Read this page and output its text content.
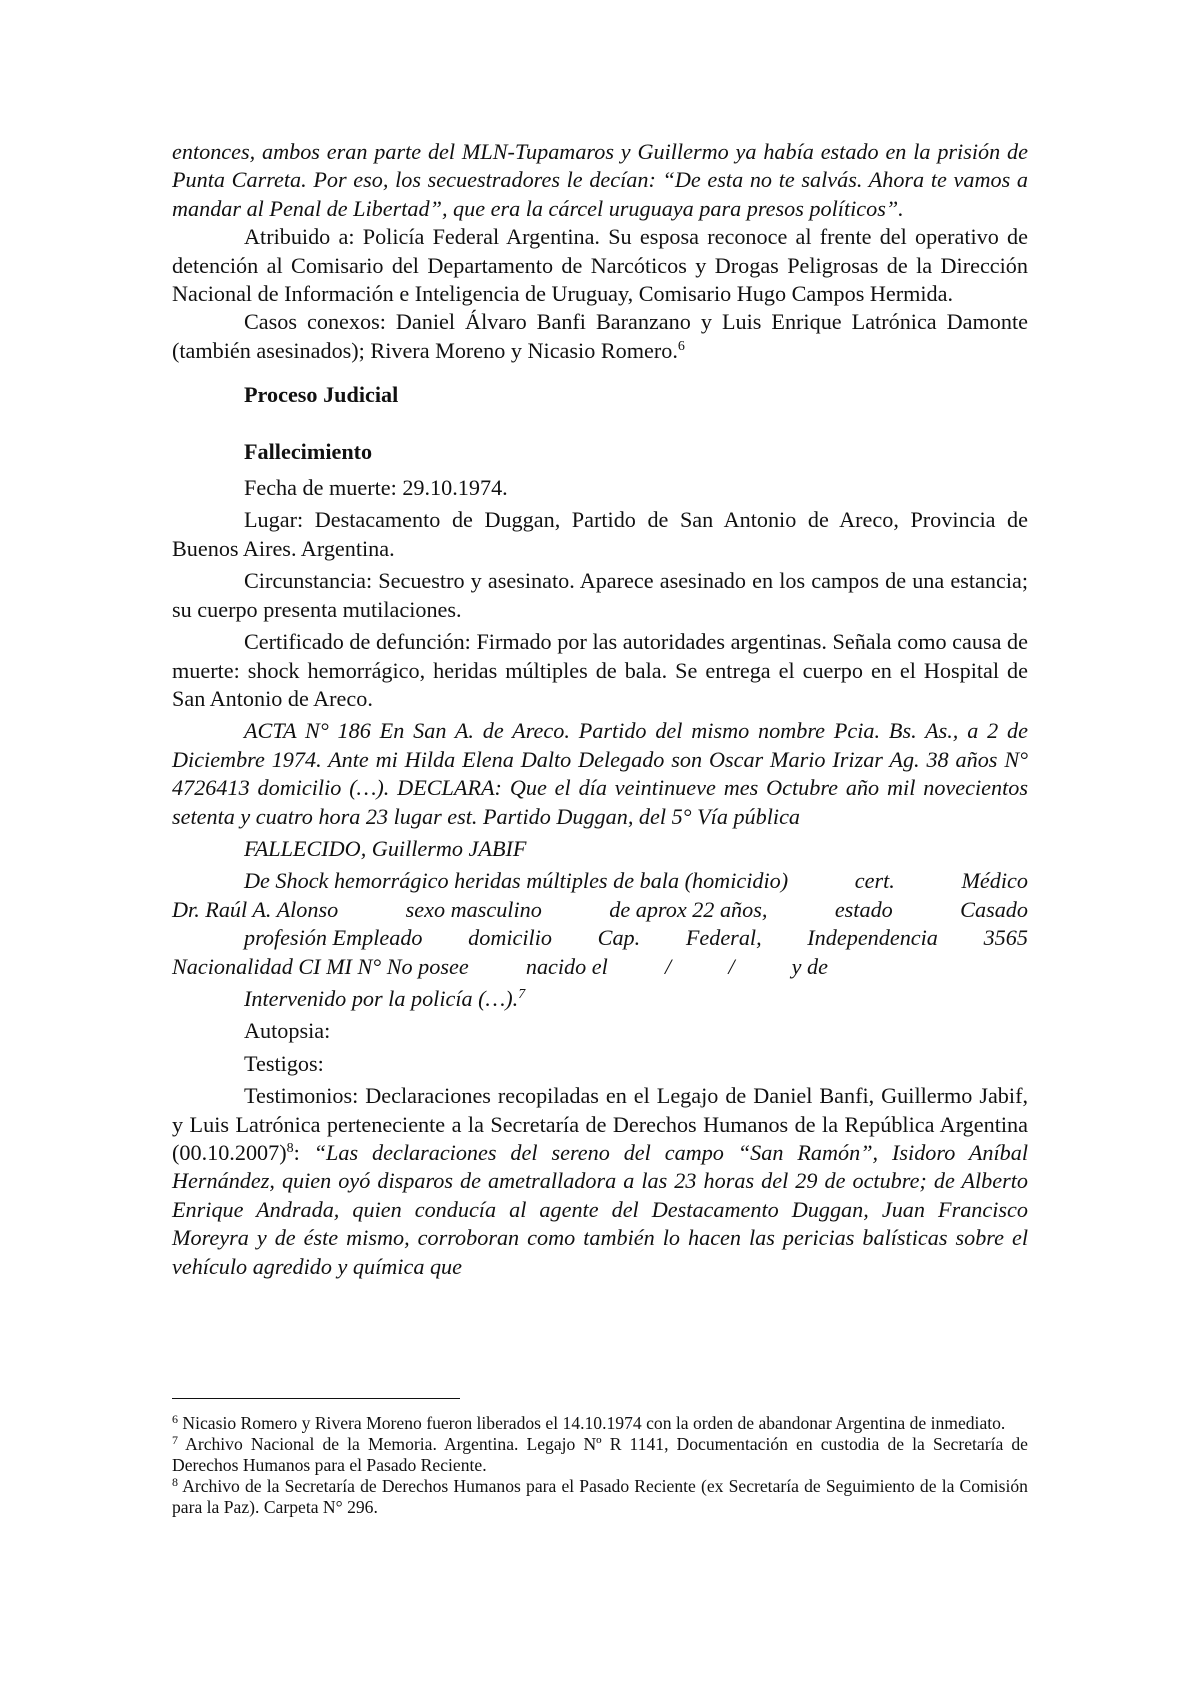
entonces, ambos eran parte del MLN-Tupamaros y Guillermo ya había estado en la prisión de Punta Carreta. Por eso, los secuestradores le decían: “De esta no te salvás. Ahora te vamos a mandar al Penal de Libertad”, que era la cárcel uruguaya para presos políticos”.

Atribuido a: Policía Federal Argentina. Su esposa reconoce al frente del operativo de detención al Comisario del Departamento de Narcóticos y Drogas Peligrosas de la Dirección Nacional de Información e Inteligencia de Uruguay, Comisario Hugo Campos Hermida.

Casos conexos: Daniel Álvaro Banfi Baranzano y Luis Enrique Latrónica Damonte (también asesinados); Rivera Moreno y Nicasio Romero.$^6$

Proceso Judicial

Fallecimiento

Fecha de muerte: 29.10.1974.

Lugar: Destacamento de Duggan, Partido de San Antonio de Areco, Provincia de Buenos Aires. Argentina.

Circunstancia: Secuestro y asesinato. Aparece asesinado en los campos de una estancia; su cuerpo presenta mutilaciones.

Certificado de defunción: Firmado por las autoridades argentinas. Señala como causa de muerte: shock hemorrágico, heridas múltiples de bala. Se entrega el cuerpo en el Hospital de San Antonio de Areco.

ACTA N° 186 En San A. de Areco. Partido del mismo nombre Pcia. Bs. As., a 2 de Diciembre 1974. Ante mi Hilda Elena Dalto Delegado son Oscar Mario Irizar Ag. 38 años N° 4726413 domicilio (…). DECLARA: Que el día veintinueve mes Octubre año mil novecientos setenta y cuatro hora 23 lugar est. Partido Duggan, del 5° Vía pública

FALLECIDO, Guillermo JABIF

De Shock hemorrágico heridas múltiples de bala (homicidio)	cert.	Médico
Dr. Raúl A. Alonso	sexo masculino	de aprox 22 años,	estado	Casado
profesión Empleado domicilio Cap. Federal, Independencia 3565
Nacionalidad CI MI N° No posee	nacido el	/	/	y de

Intervenido por la policía (…).$^7$

Autopsia:

Testigos:

Testimonios: Declaraciones recopiladas en el Legajo de Daniel Banfi, Guillermo Jabif, y Luis Latrónica perteneciente a la Secretaría de Derechos Humanos de la República Argentina $(00.10.2007)^8$: “Las declaraciones del sereno del campo “San Ramón”, Isidoro Aníbal Hernández, quien oyó disparos de ametralladora a las 23 horas del 29 de octubre; de Alberto Enrique Andrada, quien conducía al agente del Destacamento Duggan, Juan Francisco Moreyra y de éste mismo, corroboran como también lo hacen las pericias balísticas sobre el vehículo agredido y química que

$^6$ Nicasio Romero y Rivera Moreno fueron liberados el 14.10.1974 con la orden de abandonar Argentina de inmediato.

$^7$ Archivo Nacional de la Memoria. Argentina. Legajo Nº R 1141, Documentación en custodia de la Secretaría de Derechos Humanos para el Pasado Reciente.

$^8$ Archivo de la Secretaría de Derechos Humanos para el Pasado Reciente (ex Secretaría de Seguimiento de la Comisión para la Paz). Carpeta N° 296.
